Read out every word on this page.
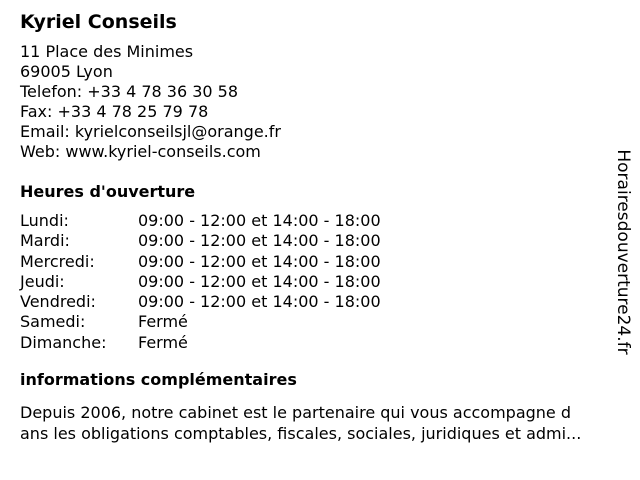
Kyriel Conseils
11 Place des Minimes
69005 Lyon
Telefon: +33 4 78 36 30 58
Fax: +33 4 78 25 79 78
Email: kyrielconseilsjl@orange.fr
Web: www.kyriel-conseils.com
Heures d'ouverture
Lundi:	09:00 - 12:00 et 14:00 - 18:00
Mardi:	09:00 - 12:00 et 14:00 - 18:00
Mercredi:	09:00 - 12:00 et 14:00 - 18:00
Jeudi:	09:00 - 12:00 et 14:00 - 18:00
Vendredi:	09:00 - 12:00 et 14:00 - 18:00
Samedi:	Fermé
Dimanche:	Fermé
informations complémentaires
Depuis 2006, notre cabinet est le partenaire qui vous accompagne d
ans les obligations comptables, fiscales, sociales, juridiques et admi...
Horairesdouverture24.fr
